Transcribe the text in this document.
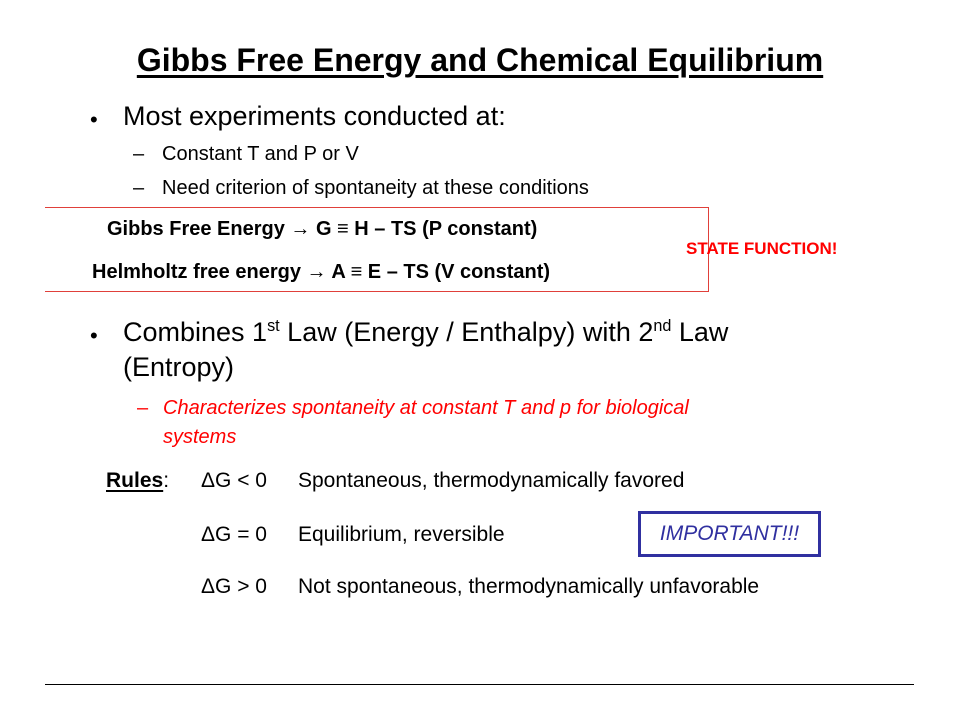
Gibbs Free Energy and Chemical Equilibrium
• Most experiments conducted at:
– Constant T and P or V
– Need criterion of spontaneity at these conditions
Gibbs Free Energy → G ≡ H – TS (P constant)
Helmholtz free energy → A ≡ E – TS (V constant)
STATE FUNCTION!
• Combines 1st Law (Energy / Enthalpy) with 2nd Law
(Entropy)
– Characterizes spontaneity at constant T and p for biological
systems
Rules: ΔG < 0 Spontaneous, thermodynamically favored
ΔG = 0 Equilibrium, reversible	IMPORTANT!!!
ΔG > 0 Not spontaneous, thermodynamically unfavorable
